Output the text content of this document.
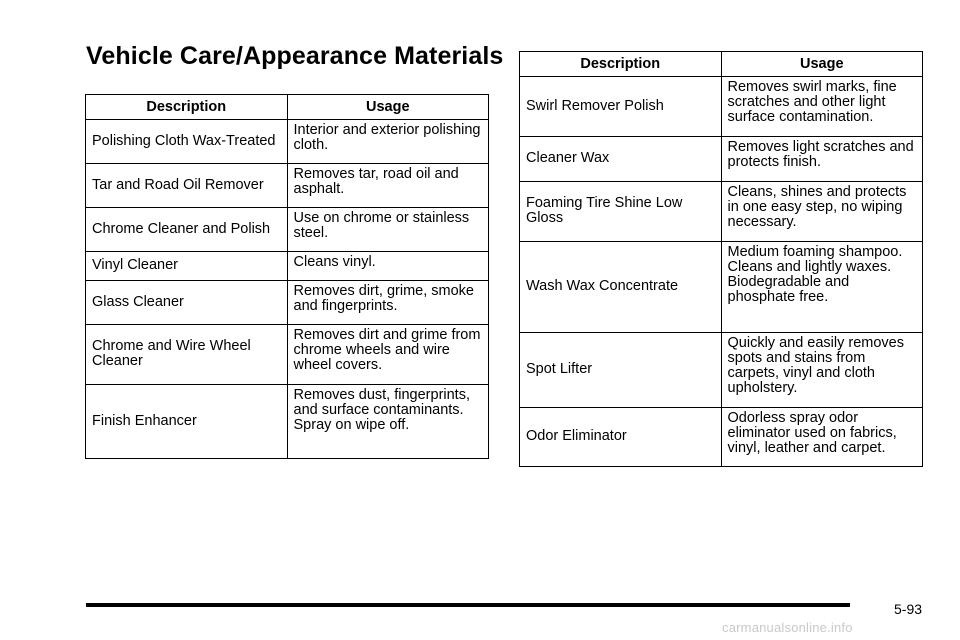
Vehicle Care/Appearance Materials
Description	Usage
Polishing Cloth Wax-Treated	Interior and exterior polishing cloth.
Tar and Road Oil Remover	Removes tar, road oil and asphalt.
Chrome Cleaner and Polish	Use on chrome or stainless steel.
Vinyl Cleaner	Cleans vinyl.
Glass Cleaner	Removes dirt, grime, smoke and fingerprints.
Chrome and Wire Wheel Cleaner	Removes dirt and grime from chrome wheels and wire wheel covers.
Finish Enhancer	Removes dust, fingerprints, and surface contaminants. Spray on wipe off.
Description	Usage
Swirl Remover Polish	Removes swirl marks, fine scratches and other light surface contamination.
Cleaner Wax	Removes light scratches and protects finish.
Foaming Tire Shine Low Gloss	Cleans, shines and protects in one easy step, no wiping necessary.
Wash Wax Concentrate	Medium foaming shampoo. Cleans and lightly waxes. Biodegradable and phosphate free.
Spot Lifter	Quickly and easily removes spots and stains from carpets, vinyl and cloth upholstery.
Odor Eliminator	Odorless spray odor eliminator used on fabrics, vinyl, leather and carpet.
5-93
carmanualsonline.info
